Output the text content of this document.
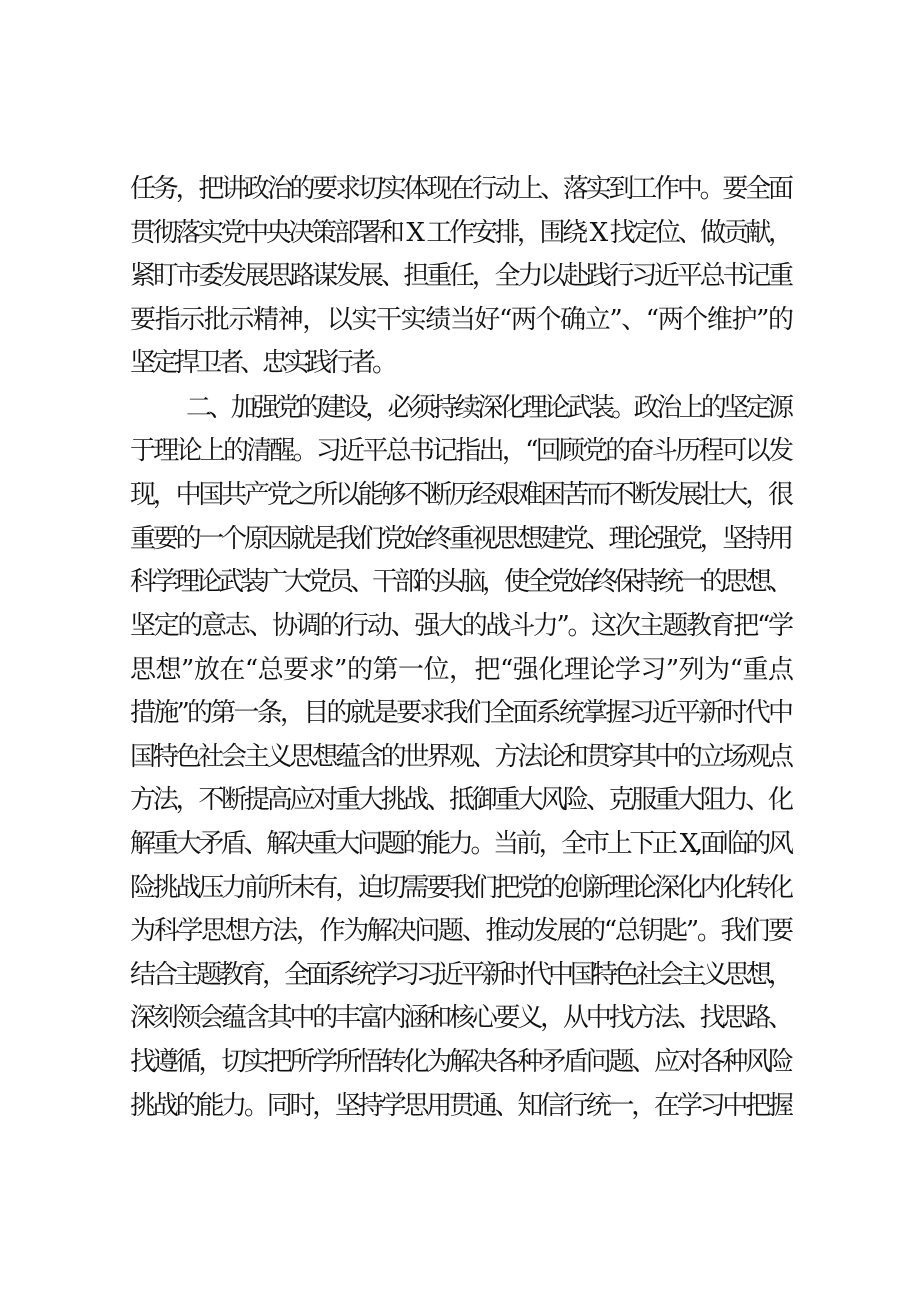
任务，把讲政治的要求切实体现在行动上、落实到工作中。要全面
贯彻落实党中央决策部署和 X 工作安排，围绕 X 找定位、做贡献，
紧盯市委发展思路谋发展、担重任，全力以赴践行习近平总书记重
要指示批示精神，以实干实绩当好“两个确立”、“两个维护”的
坚定捍卫者、忠实践行者。
二、加强党的建设，必须持续深化理论武装。政治上的坚定源
于理论上的清醒。习近平总书记指出，“回顾党的奋斗历程可以发
现，中国共产党之所以能够不断历经艰难困苦而不断发展壮大，很
重要的一个原因就是我们党始终重视思想建党、理论强党，坚持用
科学理论武装广大党员、干部的头脑，使全党始终保持统一的思想、
坚定的意志、协调的行动、强大的战斗力”。这次主题教育把“学
思想”放在“总要求”的第一位，把“强化理论学习”列为“重点
措施”的第一条，目的就是要求我们全面系统掌握习近平新时代中
国特色社会主义思想蕴含的世界观、方法论和贯穿其中的立场观点
方法，不断提高应对重大挑战、抵御重大风险、克服重大阻力、化
解重大矛盾、解决重大问题的能力。当前，全市上下正 X,面临的风
险挑战压力前所未有，迫切需要我们把党的创新理论深化内化转化
为科学思想方法，作为解决问题、推动发展的“总钥匙”。我们要
结合主题教育，全面系统学习习近平新时代中国特色社会主义思想，
深刻领会蕴含其中的丰富内涵和核心要义，从中找方法、找思路、
找遵循，切实把所学所悟转化为解决各种矛盾问题、应对各种风险
挑战的能力。同时，坚持学思用贯通、知信行统一，在学习中把握
